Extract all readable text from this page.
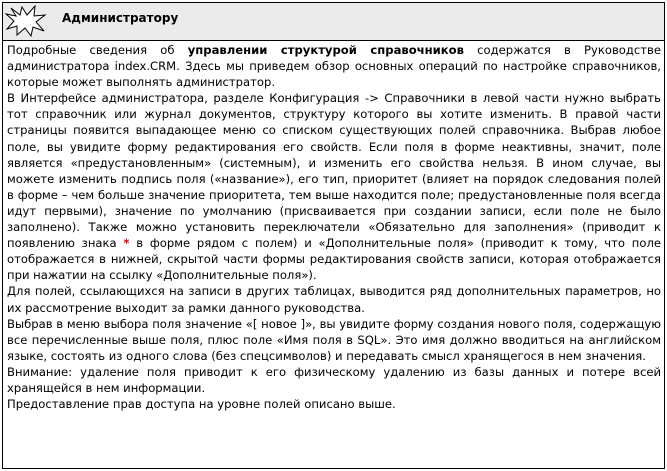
Администратору

Подробные сведения об управлении структурой справочников содержатся в Руководстве администратора index.CRM. Здесь мы приведем обзор основных операций по настройке справочников, которые может выполнять администратор.

В Интерфейсе администратора, разделе Конфигурация -> Справочники в левой части нужно выбрать тот справочник или журнал документов, структуру которого вы хотите изменить. В правой части страницы появится выпадающее меню со списком существующих полей справочника. Выбрав любое поле, вы увидите форму редактирования его свойств. Если поля в форме неактивны, значит, поле является «предустановленным» (системным), и изменить его свойства нельзя. В ином случае, вы можете изменить подпись поля («название»), его тип, приоритет (влияет на порядок следования полей в форме – чем больше значение приоритета, тем выше находится поле; предустановленные поля всегда идут первыми), значение по умолчанию (присваивается при создании записи, если поле не было заполнено). Также можно установить переключатели «Обязательно для заполнения» (приводит к появлению знака * в форме рядом с полем) и «Дополнительные поля» (приводит к тому, что поле отображается в нижней, скрытой части формы редактирования свойств записи, которая отображается при нажатии на ссылку «Дополнительные поля»).

Для полей, ссылающихся на записи в других таблицах, выводится ряд дополнительных параметров, но их рассмотрение выходит за рамки данного руководства.

Выбрав в меню выбора поля значение «[ новое ]», вы увидите форму создания нового поля, содержащую все перечисленные выше поля, плюс поле «Имя поля в SQL». Это имя должно вводиться на английском языке, состоять из одного слова (без спецсимволов) и передавать смысл хранящегося в нем значения.

Внимание: удаление поля приводит к его физическому удалению из базы данных и потере всей хранящейся в нем информации.

Предоставление прав доступа на уровне полей описано выше.
